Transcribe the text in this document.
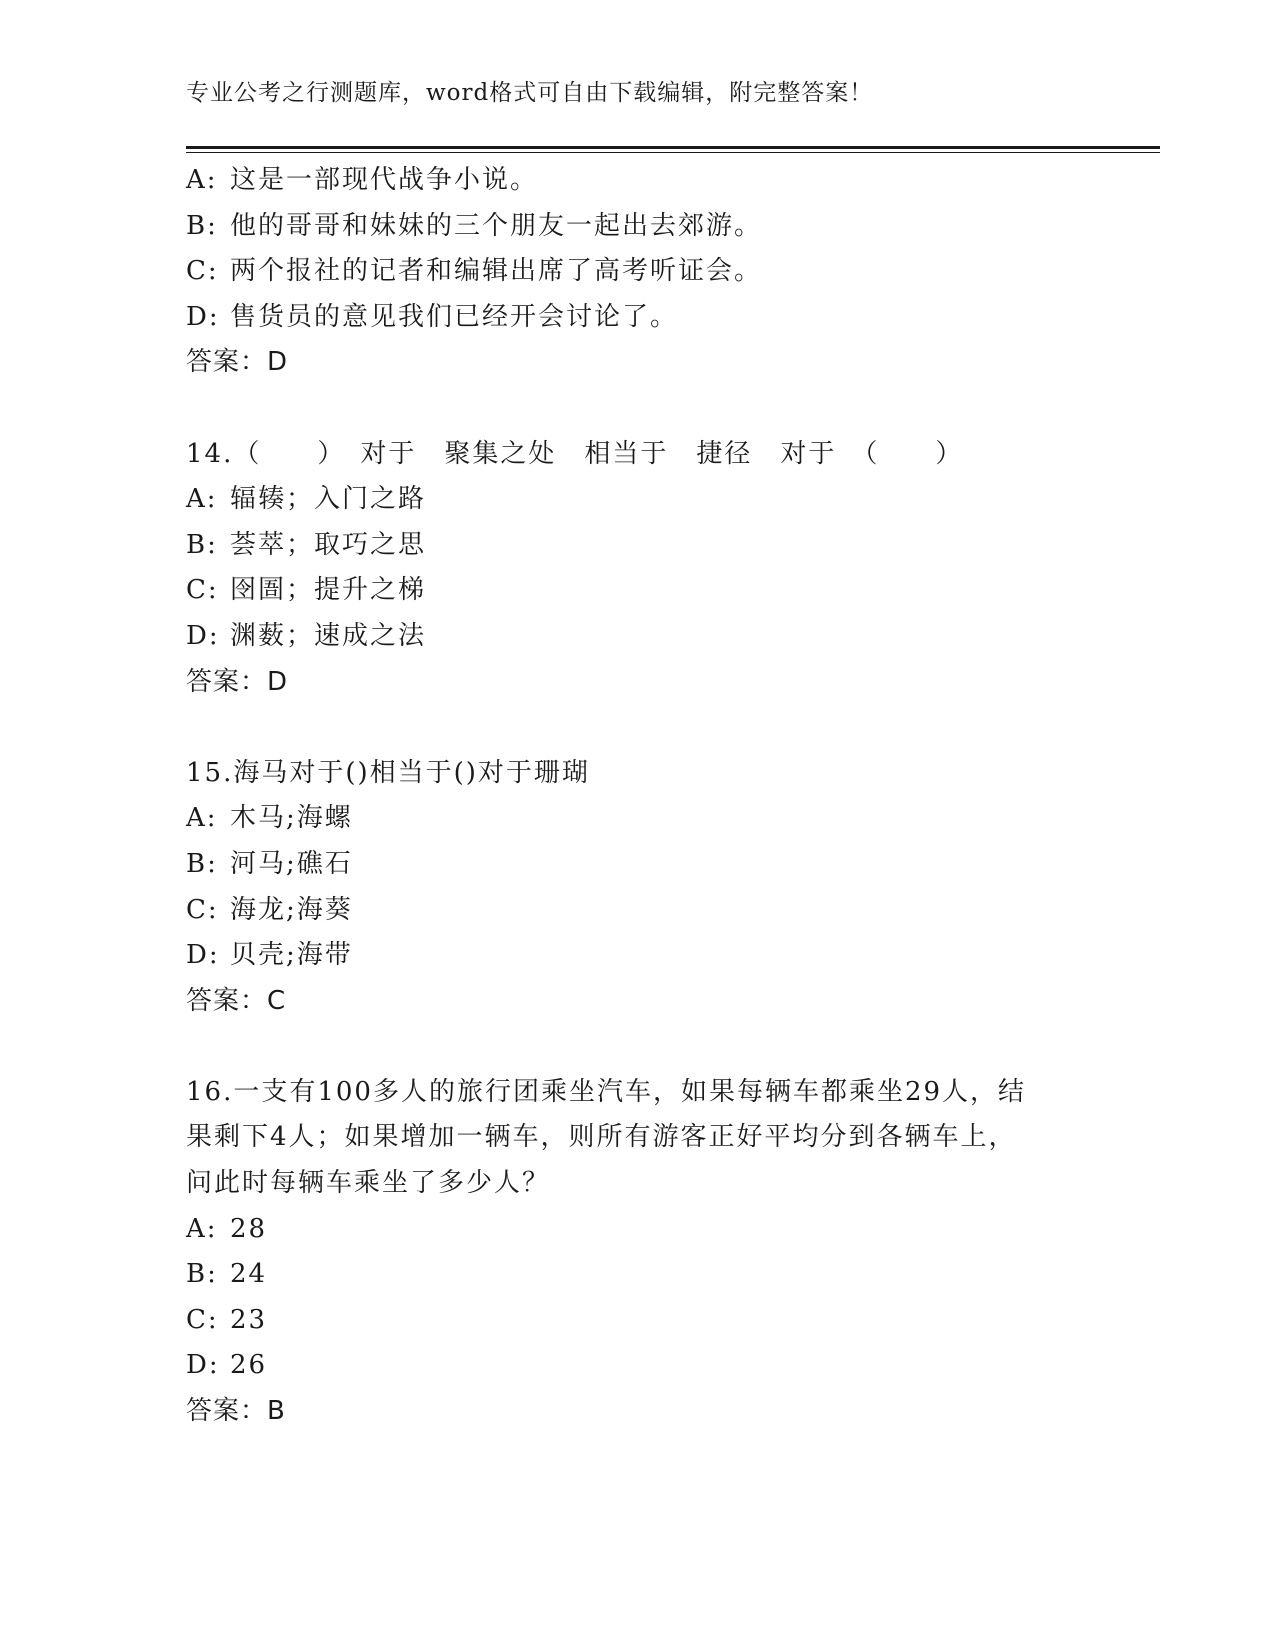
专业公考之行测题库，word格式可自由下载编辑，附完整答案！
A: 这是一部现代战争小说。
B: 他的哥哥和妹妹的三个朋友一起出去郊游。
C: 两个报社的记者和编辑出席了高考听证会。
D: 售货员的意见我们已经开会讨论了。
答案：D
14.（　　）　对于　聚集之处　相当于　捷径　对于　（　　）
A: 辐辏；入门之路
B: 荟萃；取巧之思
C: 囹圄；提升之梯
D: 渊薮；速成之法
答案：D
15.海马对于()相当于()对于珊瑚
A: 木马;海螺
B: 河马;礁石
C: 海龙;海葵
D: 贝壳;海带
答案：C
16.一支有100多人的旅行团乘坐汽车，如果每辆车都乘坐29人，结
果剩下4人；如果增加一辆车，则所有游客正好平均分到各辆车上，
问此时每辆车乘坐了多少人？
A: 28
B: 24
C: 23
D: 26
答案：B
